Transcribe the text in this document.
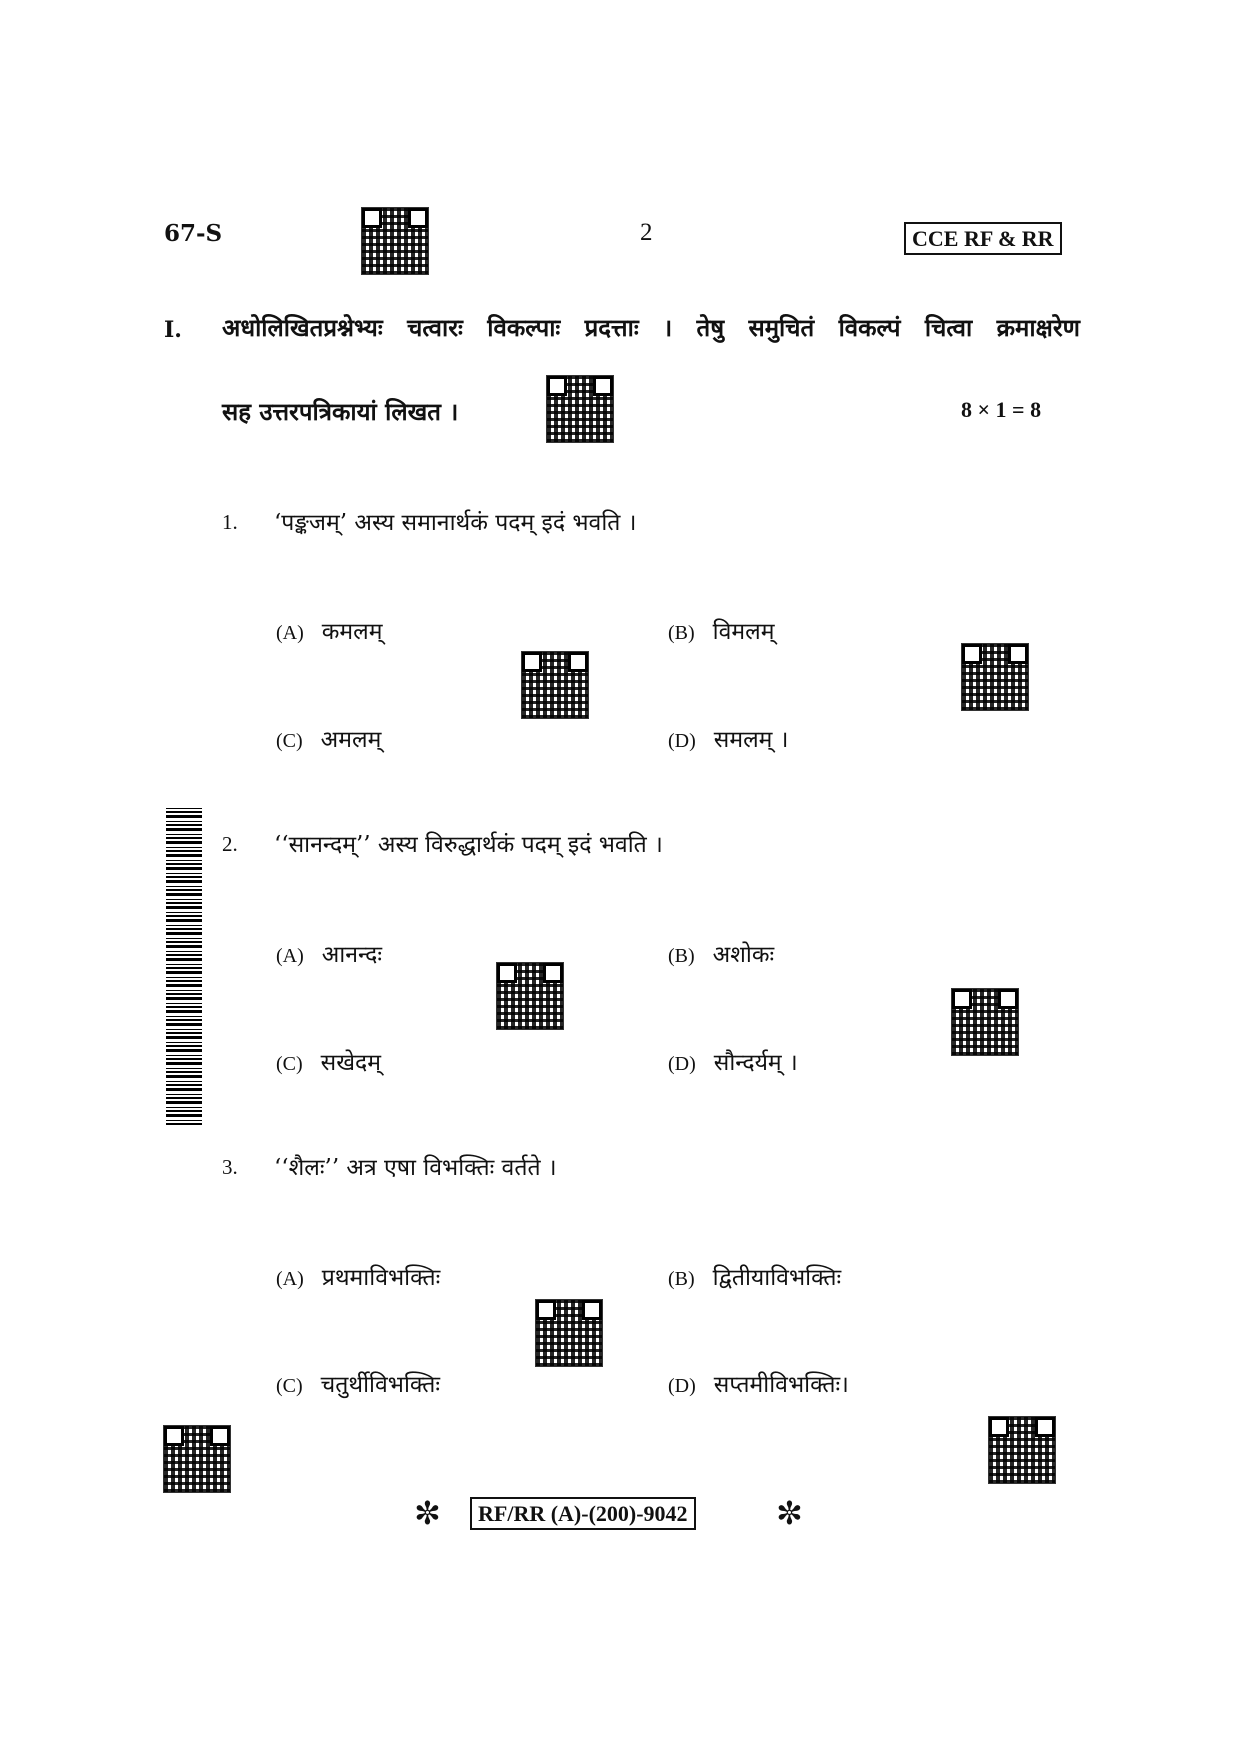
67-S	2	CCE RF & RR
I. अधोलिखितप्रश्नेभ्यः चत्वारः विकल्पाः प्रदत्ताः । तेषु समुचितं विकल्पं चित्वा क्रमाक्षरेण
सह उत्तरपत्रिकायां लिखत ।	8 × 1 = 8
1. ‘पङ्कजम्’ अस्य समानार्थकं पदम् इदं भवति ।
(A) कमलम्	(B) विमलम्
(C) अमलम्	(D) समलम् ।
2. ‘‘सानन्दम्’’ अस्य विरुद्धार्थकं पदम् इदं भवति ।
(A) आनन्दः	(B) अशोकः
(C) सखेदम्	(D) सौन्दर्यम् ।
3. ‘‘शैलः’’ अत्र एषा विभक्तिः वर्तते ।
(A) प्रथमाविभक्तिः	(B) द्वितीयाविभक्तिः
(C) चतुर्थीविभक्तिः	(D) सप्तमीविभक्तिः।
✼	RF/RR (A)-(200)-9042	✼
